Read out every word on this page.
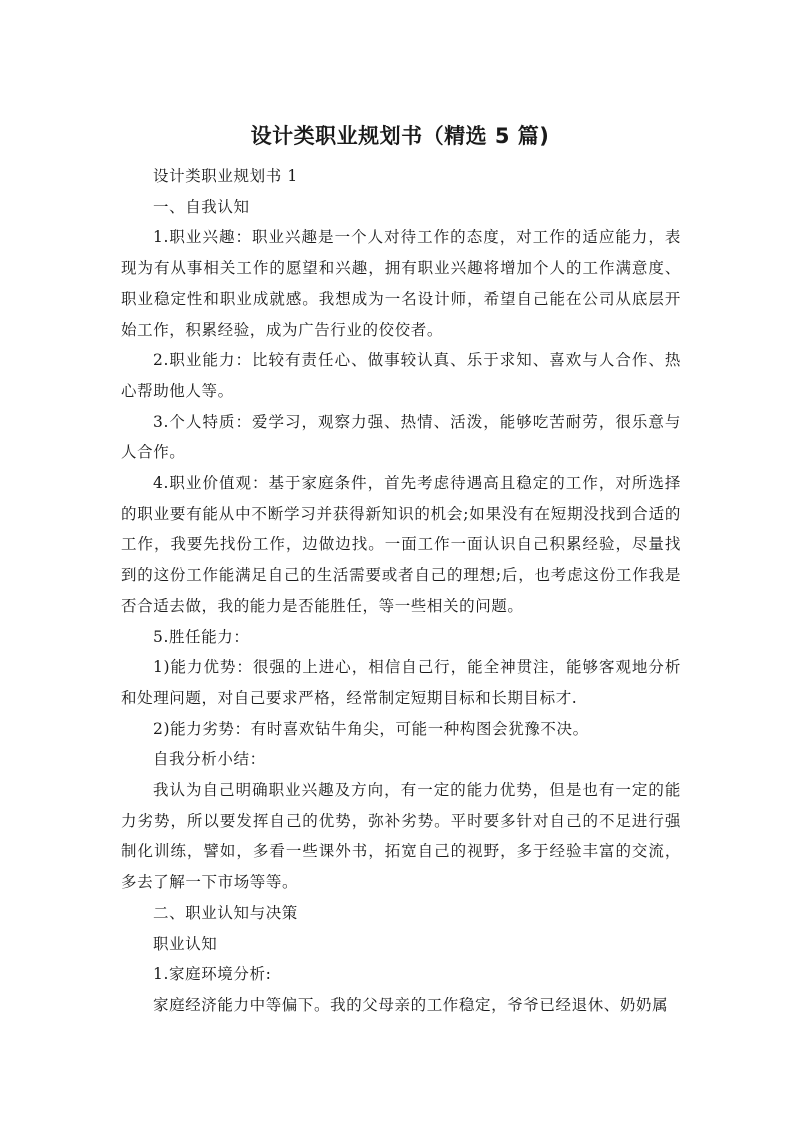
设计类职业规划书（精选 5 篇)

设计类职业规划书 1

一、自我认知

1.职业兴趣：职业兴趣是一个人对待工作的态度，对工作的适应能力，表现为有从事相关工作的愿望和兴趣，拥有职业兴趣将增加个人的工作满意度、职业稳定性和职业成就感。我想成为一名设计师，希望自己能在公司从底层开始工作，积累经验，成为广告行业的佼佼者。

2.职业能力：比较有责任心、做事较认真、乐于求知、喜欢与人合作、热心帮助他人等。

3.个人特质：爱学习，观察力强、热情、活泼，能够吃苦耐劳，很乐意与人合作。

4.职业价值观：基于家庭条件，首先考虑待遇高且稳定的工作，对所选择的职业要有能从中不断学习并获得新知识的机会;如果没有在短期没找到合适的工作，我要先找份工作，边做边找。一面工作一面认识自己积累经验，尽量找到的这份工作能满足自己的生活需要或者自己的理想;后，也考虑这份工作我是否合适去做，我的能力是否能胜任，等一些相关的问题。

5.胜任能力：

1)能力优势：很强的上进心，相信自己行，能全神贯注，能够客观地分析和处理问题，对自己要求严格，经常制定短期目标和长期目标才.

2)能力劣势：有时喜欢钻牛角尖，可能一种构图会犹豫不决。

自我分析小结：

我认为自己明确职业兴趣及方向，有一定的能力优势，但是也有一定的能力劣势，所以要发挥自己的优势，弥补劣势。平时要多针对自己的不足进行强制化训练，譬如，多看一些课外书，拓宽自己的视野，多于经验丰富的交流，多去了解一下市场等等。

二、职业认知与决策

职业认知

1.家庭环境分析:

家庭经济能力中等偏下。我的父母亲的工作稳定，爷爷已经退休、奶奶属
